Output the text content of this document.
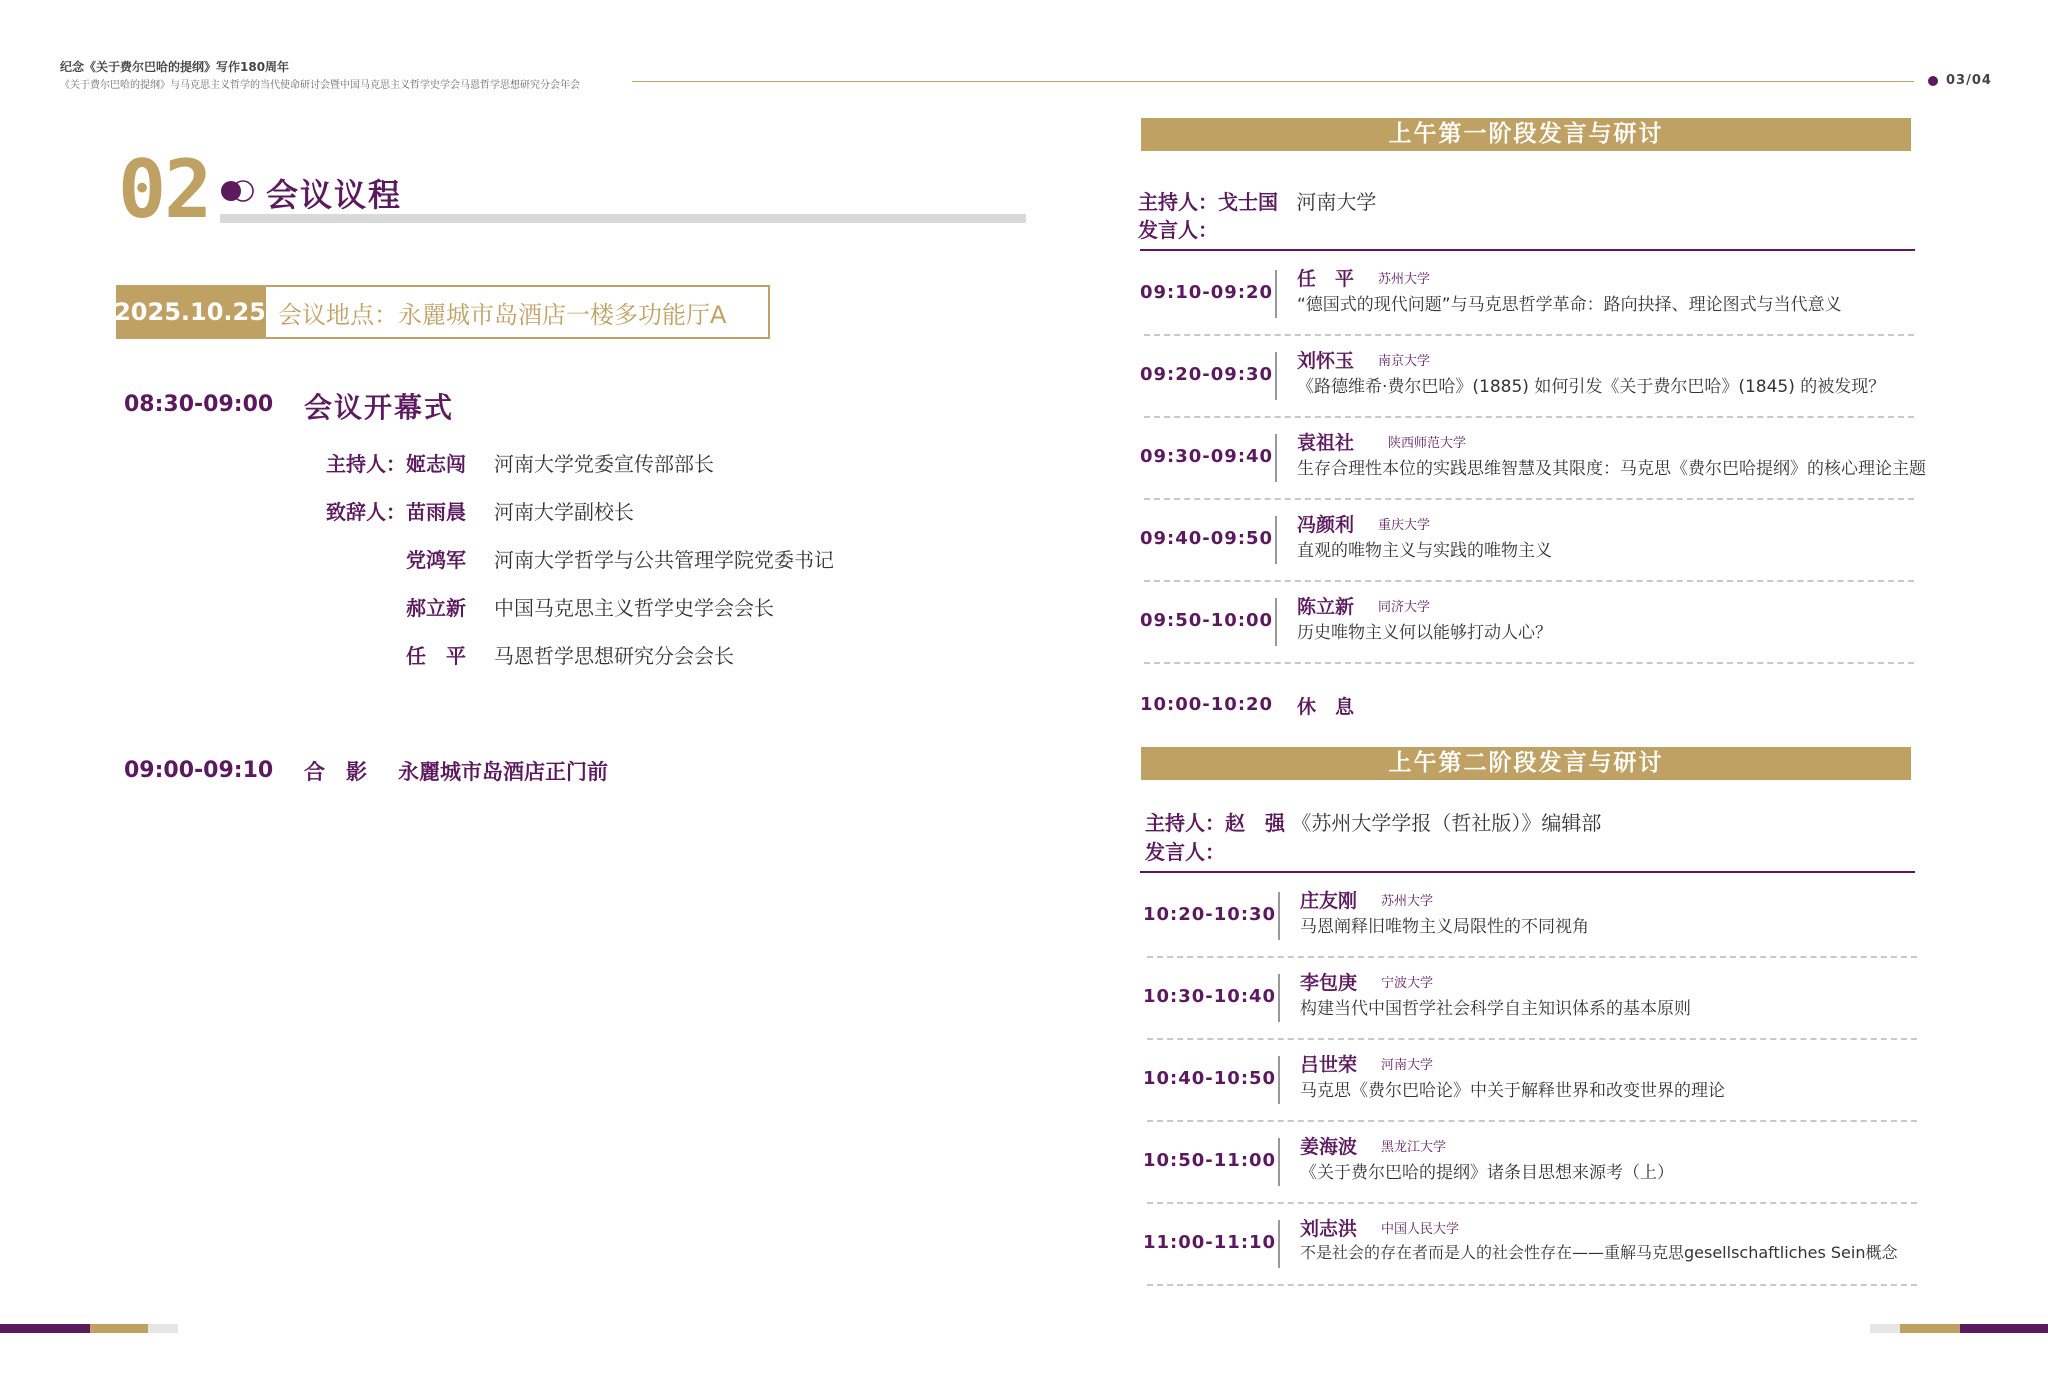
纪念《关于费尔巴哈的提纲》写作180周年
《关于费尔巴哈的提纲》与马克思主义哲学的当代使命研讨会暨中国马克思主义哲学史学会马恩哲学思想研究分会年会	03/04
02 会议议程
2025.10.25 会议地点：永麗城市岛酒店一楼多功能厅A
08:30-09:00 会议开幕式
主持人：姬志闯 河南大学党委宣传部部长
致辞人：苗雨晨 河南大学副校长
党鸿军 河南大学哲学与公共管理学院党委书记
郝立新 中国马克思主义哲学史学会会长
任　平 马恩哲学思想研究分会会长
09:00-09:10 合　影 永麗城市岛酒店正门前
上午第一阶段发言与研讨
主持人：戈士国 河南大学
发言人：
09:10-09:20
任　平 苏州大学
“德国式的现代问题”与马克思哲学革命：路向抉择、理论图式与当代意义
09:20-09:30
刘怀玉 南京大学
《路德维希·费尔巴哈》(1885) 如何引发《关于费尔巴哈》(1845) 的被发现？
09:30-09:40
袁祖社	陕西师范大学
生存合理性本位的实践思维智慧及其限度：马克思《费尔巴哈提纲》的核心理论主题
09:40-09:50
冯颜利 重庆大学
直观的唯物主义与实践的唯物主义
09:50-10:00
陈立新 同济大学
历史唯物主义何以能够打动人心？
10:00-10:20 休　息
上午第二阶段发言与研讨
主持人：赵　强 《苏州大学学报（哲社版）》编辑部
发言人：
10:20-10:30
庄友刚 苏州大学
马恩阐释旧唯物主义局限性的不同视角
10:30-10:40
李包庚 宁波大学
构建当代中国哲学社会科学自主知识体系的基本原则
10:40-10:50
吕世荣 河南大学
马克思《费尔巴哈论》中关于解释世界和改变世界的理论
10:50-11:00
姜海波 黑龙江大学
《关于费尔巴哈的提纲》诸条目思想来源考（上）
11:00-11:10
刘志洪 中国人民大学
不是社会的存在者而是人的社会性存在——重解马克思gesellschaftliches Sein概念
